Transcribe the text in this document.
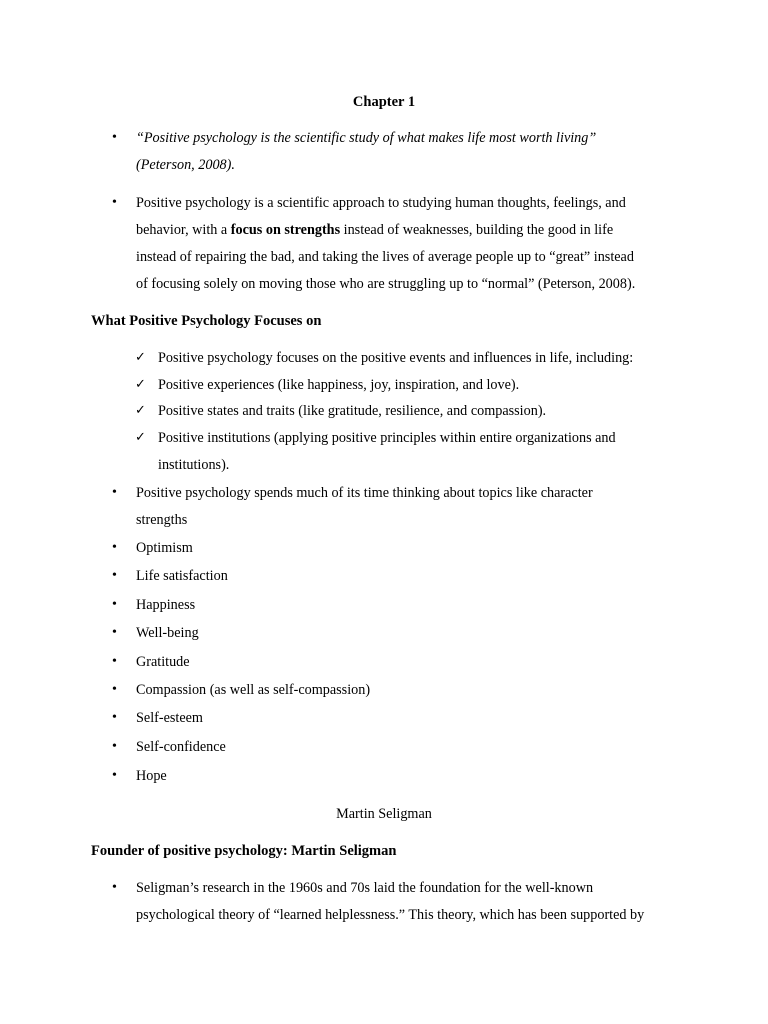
Chapter 1
• “Positive psychology is the scientific study of what makes life most worth living”
(Peterson, 2008).
• Positive psychology is a scientific approach to studying human thoughts, feelings, and
behavior, with a focus on strengths instead of weaknesses, building the good in life
instead of repairing the bad, and taking the lives of average people up to “great” instead
of focusing solely on moving those who are struggling up to “normal” (Peterson, 2008).
What Positive Psychology Focuses on
✓ Positive psychology focuses on the positive events and influences in life, including:
✓ Positive experiences (like happiness, joy, inspiration, and love).
✓ Positive states and traits (like gratitude, resilience, and compassion).
✓ Positive institutions (applying positive principles within entire organizations and
institutions).
• Positive psychology spends much of its time thinking about topics like character
strengths
• Optimism
• Life satisfaction
• Happiness
• Well-being
• Gratitude
• Compassion (as well as self-compassion)
• Self-esteem
• Self-confidence
• Hope
Martin Seligman
Founder of positive psychology: Martin Seligman
• Seligman’s research in the 1960s and 70s laid the foundation for the well-known
psychological theory of “learned helplessness.” This theory, which has been supported by
